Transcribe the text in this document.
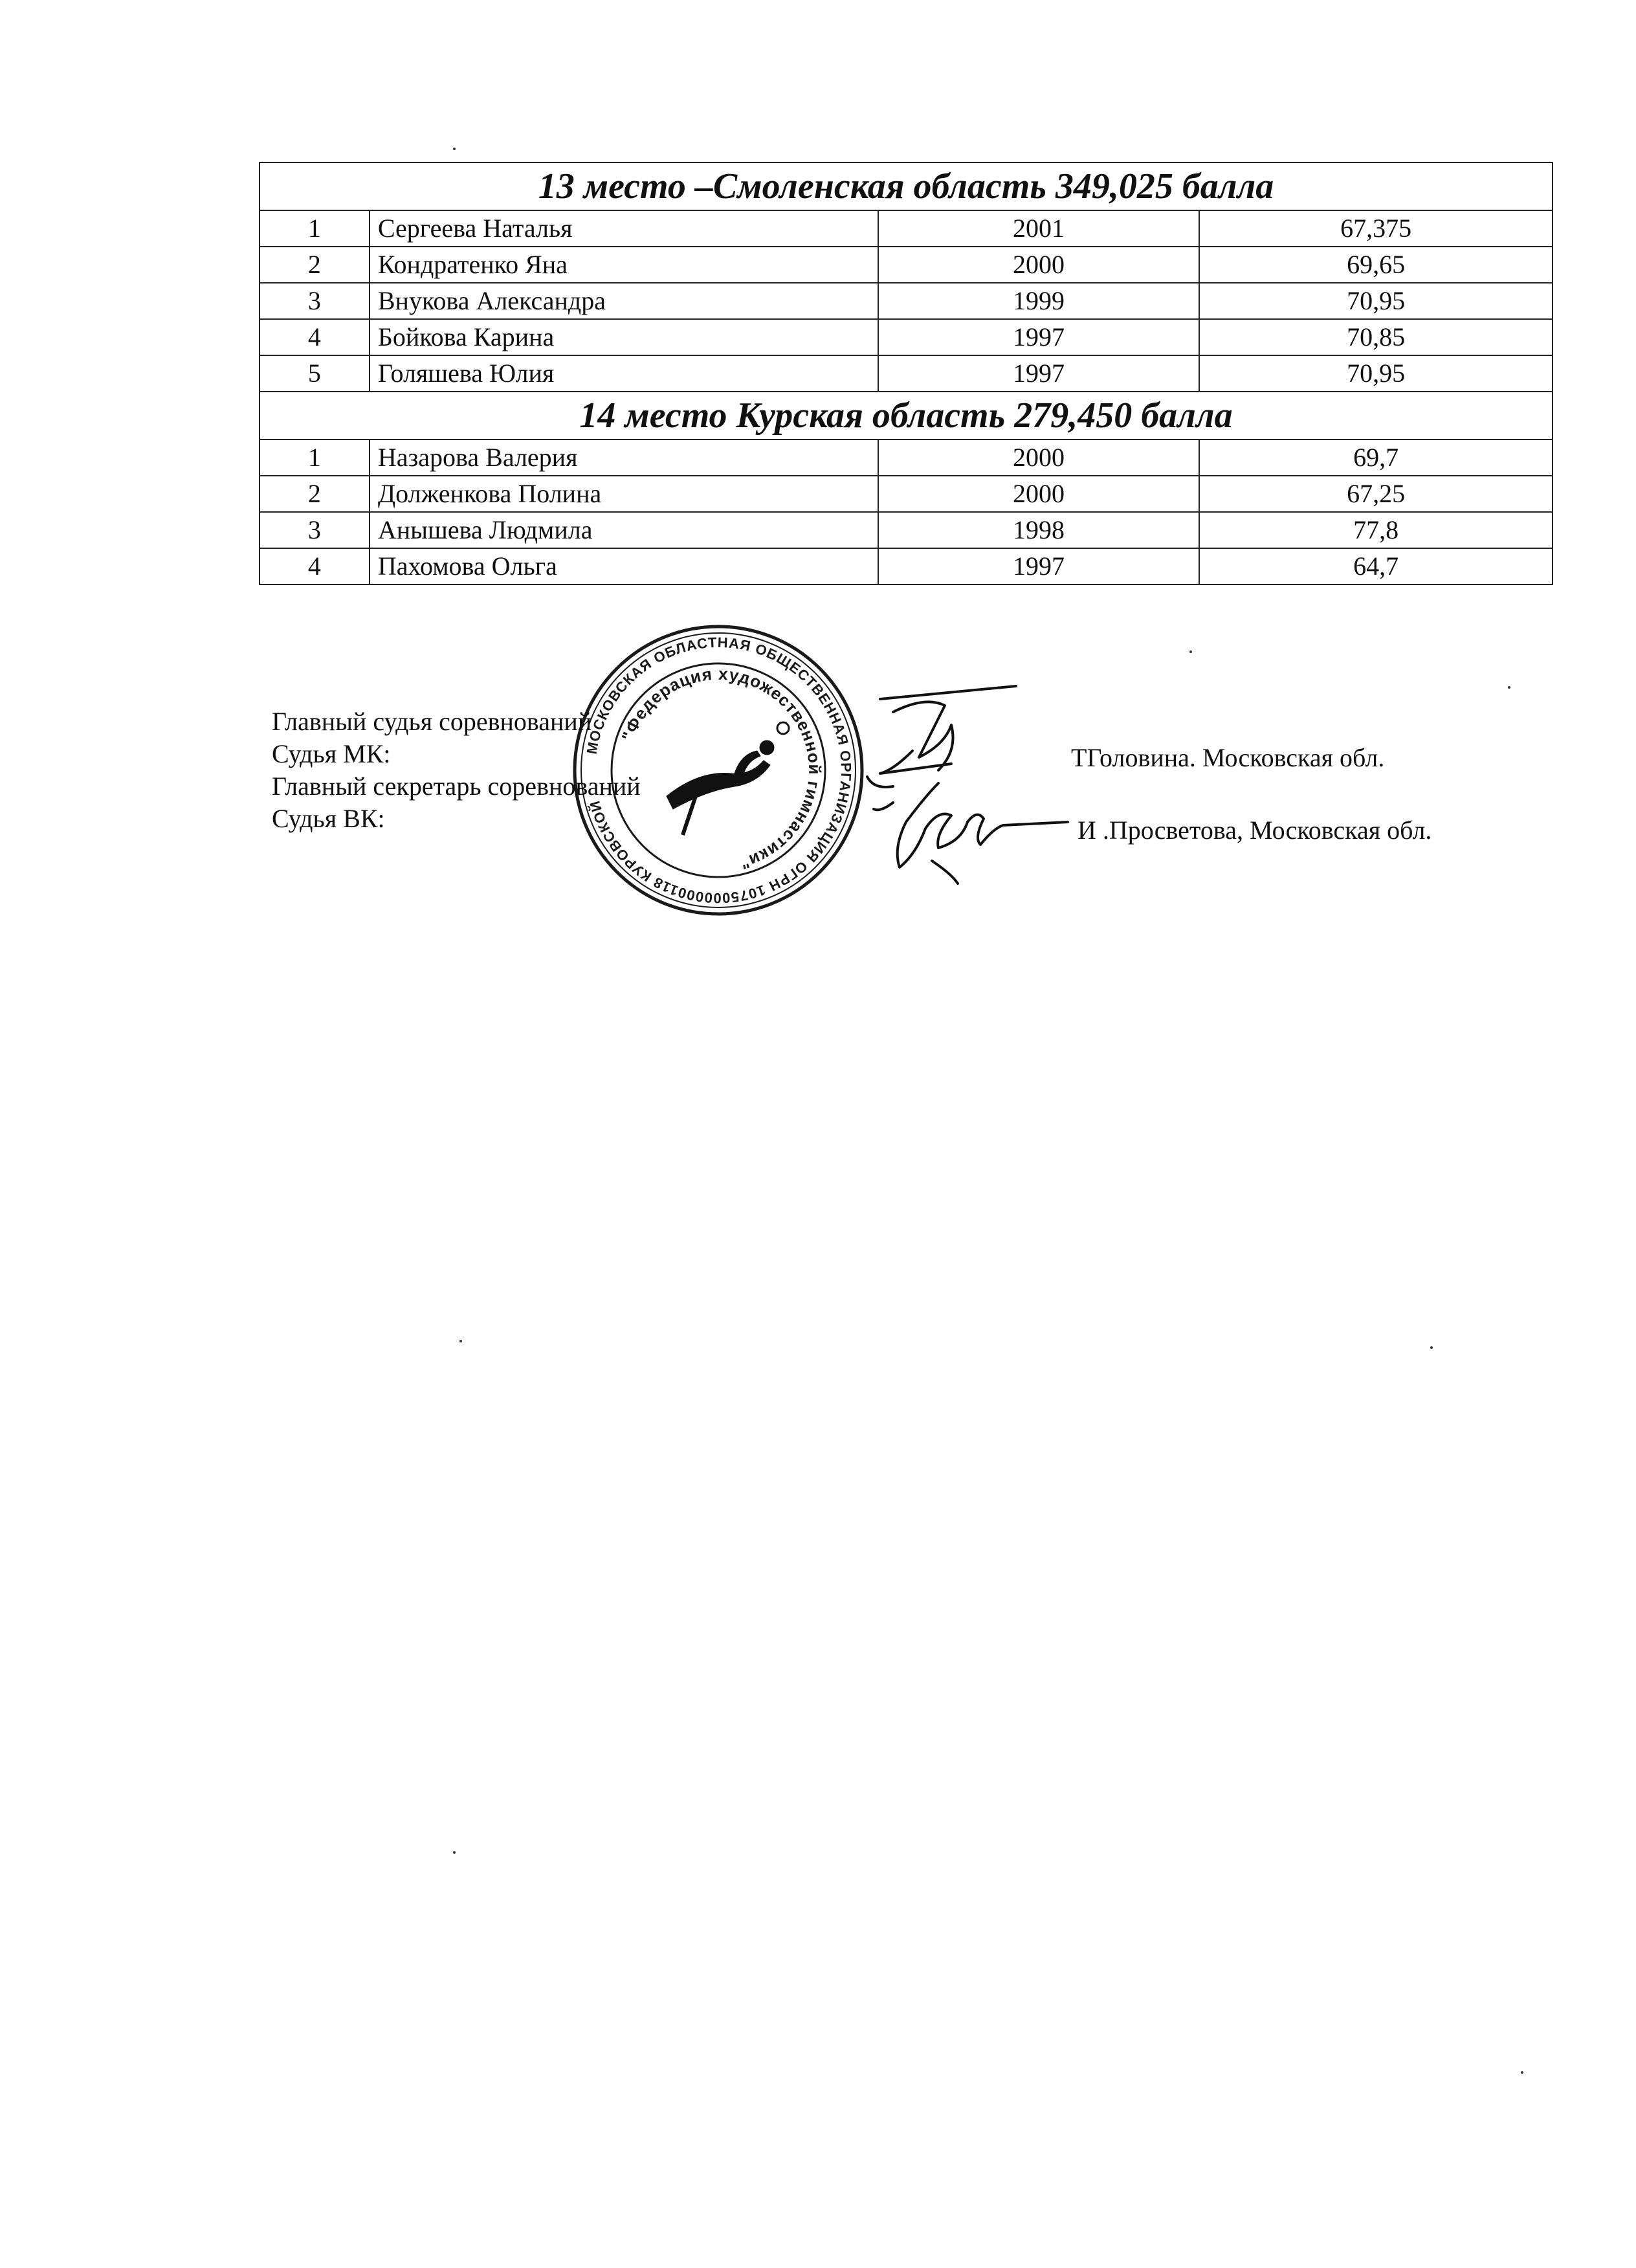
13 место –Смоленская область 349,025 балла			
1	Сергеева Наталья	2001	67,375
2	Кондратенко Яна	2000	69,65
3	Внукова Александра	1999	70,95
4	Бойкова Карина	1997	70,85
5	Голяшева Юлия	1997	70,95
14 место Курская область 279,450 балла			
1	Назарова Валерия	2000	69,7
2	Долженкова Полина	2000	67,25
3	Анышева Людмила	1998	77,8
4	Пахомова Ольга	1997	64,7
МОСКОВСКАЯ ОБЛАСТНАЯ ОБЩЕСТВЕННАЯ ОРГАНИЗАЦИЯ ОГРН 1075000000118 КУРОВСКОЙ
"Федерация художественной гимнастики"
Главный судья соревнований
Судья МК:	ТГоловина. Московская обл.
Главный секретарь соревнований
Судья ВК:	И .Просветова, Московская обл.
